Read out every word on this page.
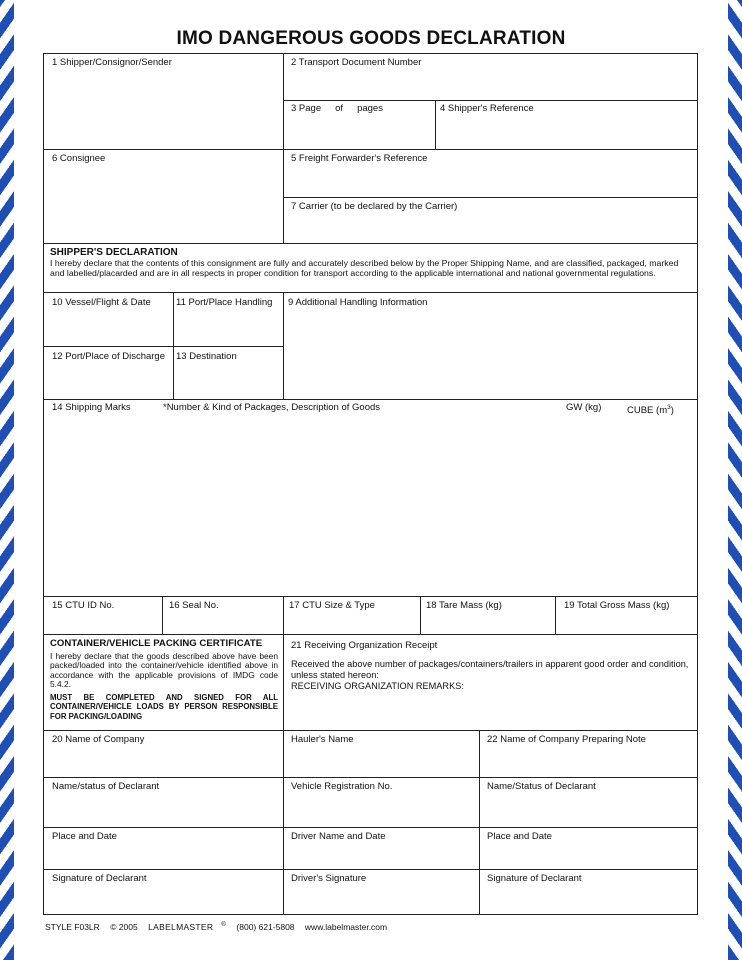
IMO DANGEROUS GOODS DECLARATION
1 Shipper/Consignor/Sender	2 Transport Document Number
3 Page of pages	4 Shipper's Reference
6 Consignee	5 Freight Forwarder's Reference
7 Carrier (to be declared by the Carrier)
SHIPPER'S DECLARATION
I hereby declare that the contents of this consignment are fully and accurately described below by the Proper Shipping Name, and are classified, packaged, marked and labelled/placarded and are in all respects in proper condition for transport according to the applicable international and national governmental regulations.
10 Vessel/Flight & Date	11 Port/Place Handling 9 Additional Handling Information
12 Port/Place of Discharge 13 Destination
14 Shipping Marks	*Number & Kind of Packages, Description of Goods	GW (kg)	CUBE $(m^3)$
15 CTU ID No.	16 Seal No.	17 CTU Size & Type	18 Tare Mass (kg)	19 Total Gross Mass (kg)
CONTAINER/VEHICLE PACKING CERTIFICATE
I hereby declare that the goods described above have been packed/loaded into the container/vehicle identified above in accordance with the applicable provisions of IMDG code 5.4.2.
MUST BE COMPLETED AND SIGNED FOR ALL CONTAINER/VEHICLE LOADS BY PERSON RESPONSIBLE FOR PACKING/LOADING
21 Receiving Organization Receipt
Received the above number of packages/containers/trailers in apparent good order and condition, unless stated hereon:
RECEIVING ORGANIZATION REMARKS:
20 Name of Company	Hauler's Name	22 Name of Company Preparing Note
Name/status of Declarant	Vehicle Registration No.	Name/Status of Declarant
Place and Date	Driver Name and Date	Place and Date
Signature of Declarant	Driver's Signature	Signature of Declarant
STYLE F03LR © 2005 LABELMASTER ® (800) 621-5808 www.labelmaster.com
